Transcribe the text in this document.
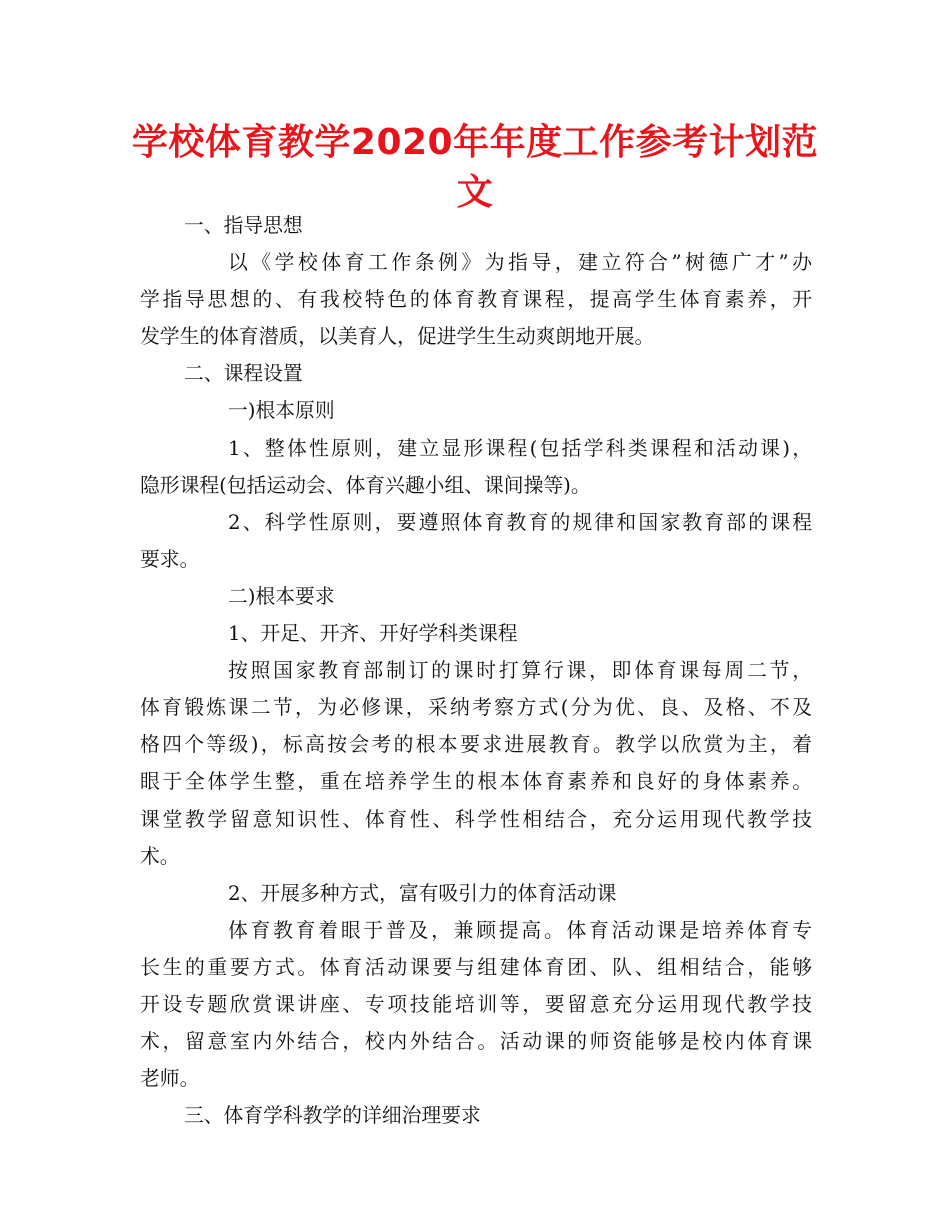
学校体育教学2020年年度工作参考计划范
文
一、指导思想
以《学校体育工作条例》为指导，建立符合”树德广才”办
学指导思想的、有我校特色的体育教育课程，提高学生体育素养，开
发学生的体育潜质，以美育人，促进学生生动爽朗地开展。
二、课程设置
一)根本原则
1、整体性原则，建立显形课程(包括学科类课程和活动课)，
隐形课程(包括运动会、体育兴趣小组、课间操等)。
2、科学性原则，要遵照体育教育的规律和国家教育部的课程
要求。
二)根本要求
1、开足、开齐、开好学科类课程
按照国家教育部制订的课时打算行课，即体育课每周二节，
体育锻炼课二节，为必修课，采纳考察方式(分为优、良、及格、不及
格四个等级)，标高按会考的根本要求进展教育。教学以欣赏为主，着
眼于全体学生整，重在培养学生的根本体育素养和良好的身体素养。
课堂教学留意知识性、体育性、科学性相结合，充分运用现代教学技
术。
2、开展多种方式，富有吸引力的体育活动课
体育教育着眼于普及，兼顾提高。体育活动课是培养体育专
长生的重要方式。体育活动课要与组建体育团、队、组相结合，能够
开设专题欣赏课讲座、专项技能培训等，要留意充分运用现代教学技
术，留意室内外结合，校内外结合。活动课的师资能够是校内体育课
老师。
三、体育学科教学的详细治理要求
